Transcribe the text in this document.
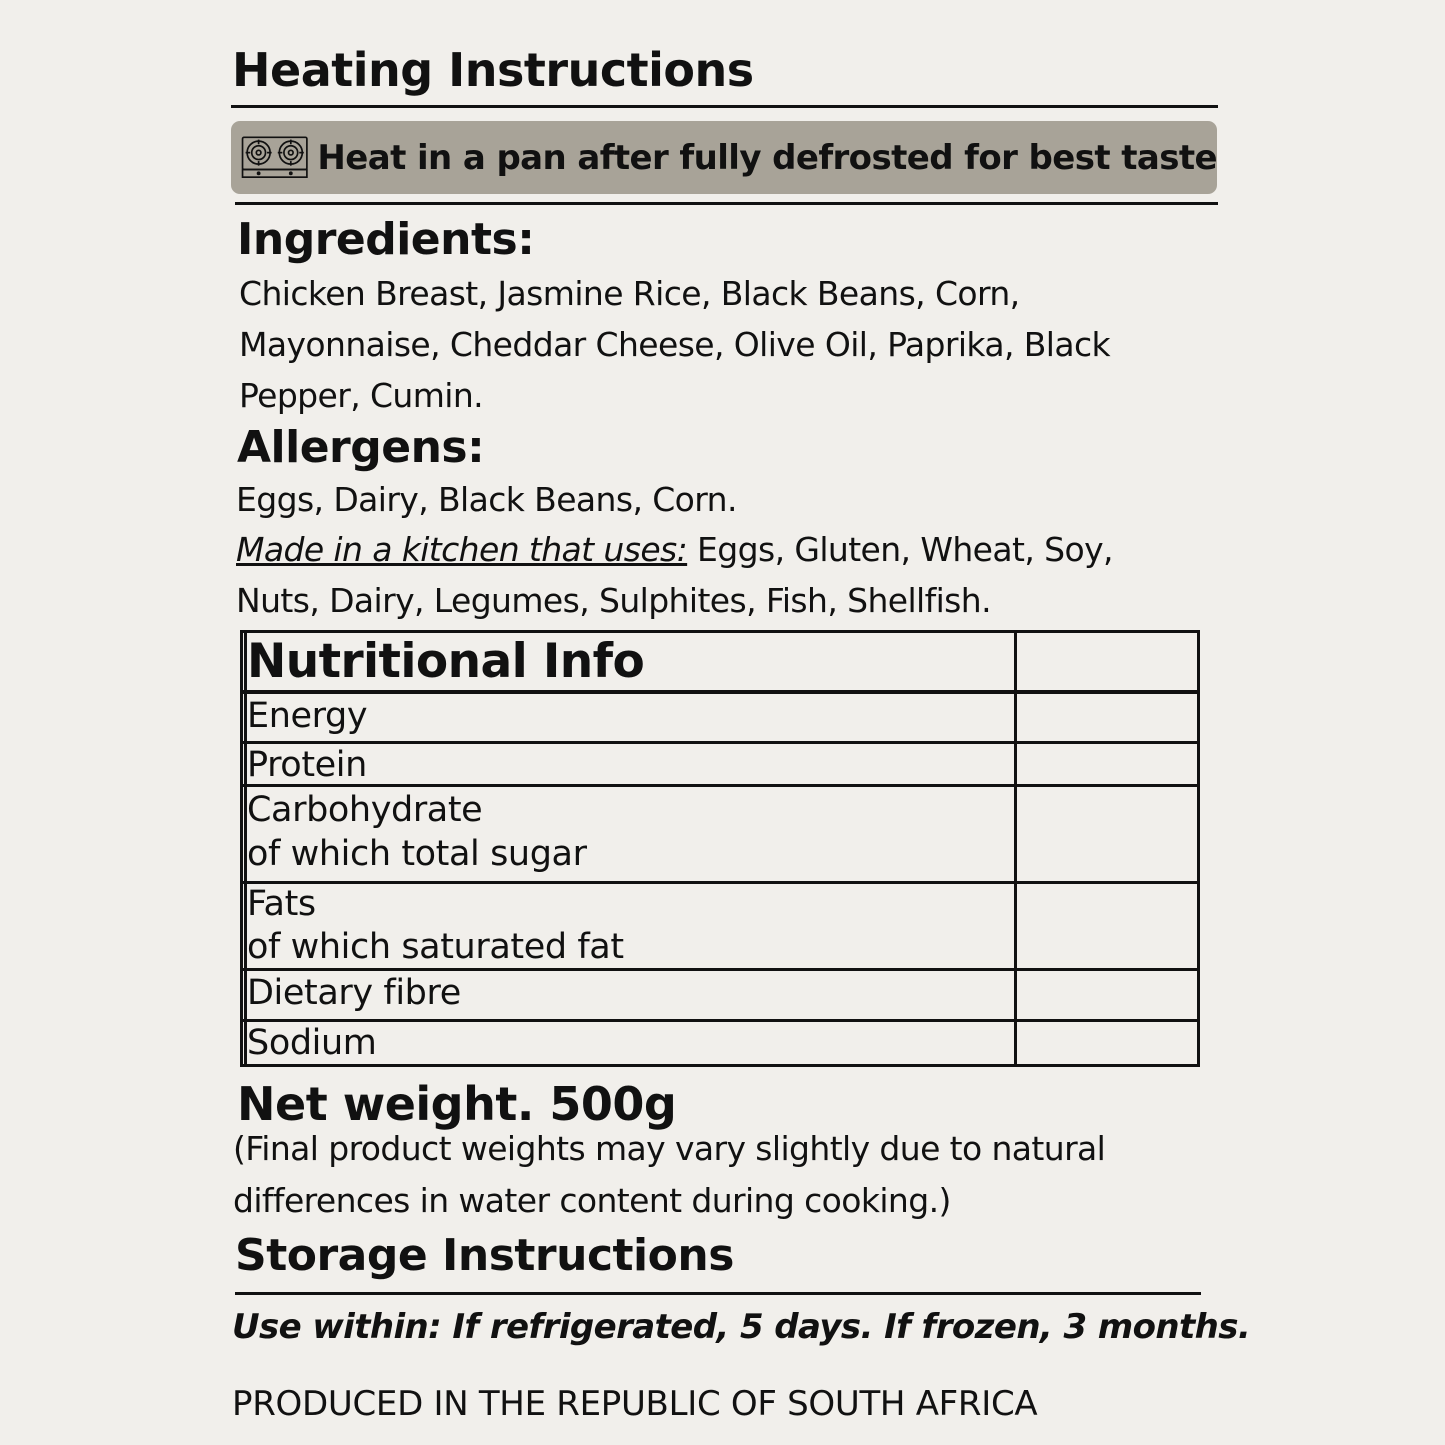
Heating Instructions
Heat in a pan after fully defrosted for best taste
Ingredients:

Chicken Breast, Jasmine Rice, Black Beans, Corn, Mayonnaise, Cheddar Cheese, Olive Oil, Paprika, Black Pepper, Cumin.

Allergens:

Eggs, Dairy, Black Beans, Corn.

Made in a kitchen that uses: Eggs, Gluten, Wheat, Soy, Nuts, Dairy, Legumes, Sulphites, Fish, Shellfish.

Nutritional Info
Energy
Protein
Carbohydrate
of which total sugar
Fats
of which saturated fat
Dietary fibre
Sodium
Net weight. 500g

(Final product weights may vary slightly due to natural differences in water content during cooking.)

Storage Instructions

Use within: If refrigerated, 5 days. If frozen, 3 months.

PRODUCED IN THE REPUBLIC OF SOUTH AFRICA
